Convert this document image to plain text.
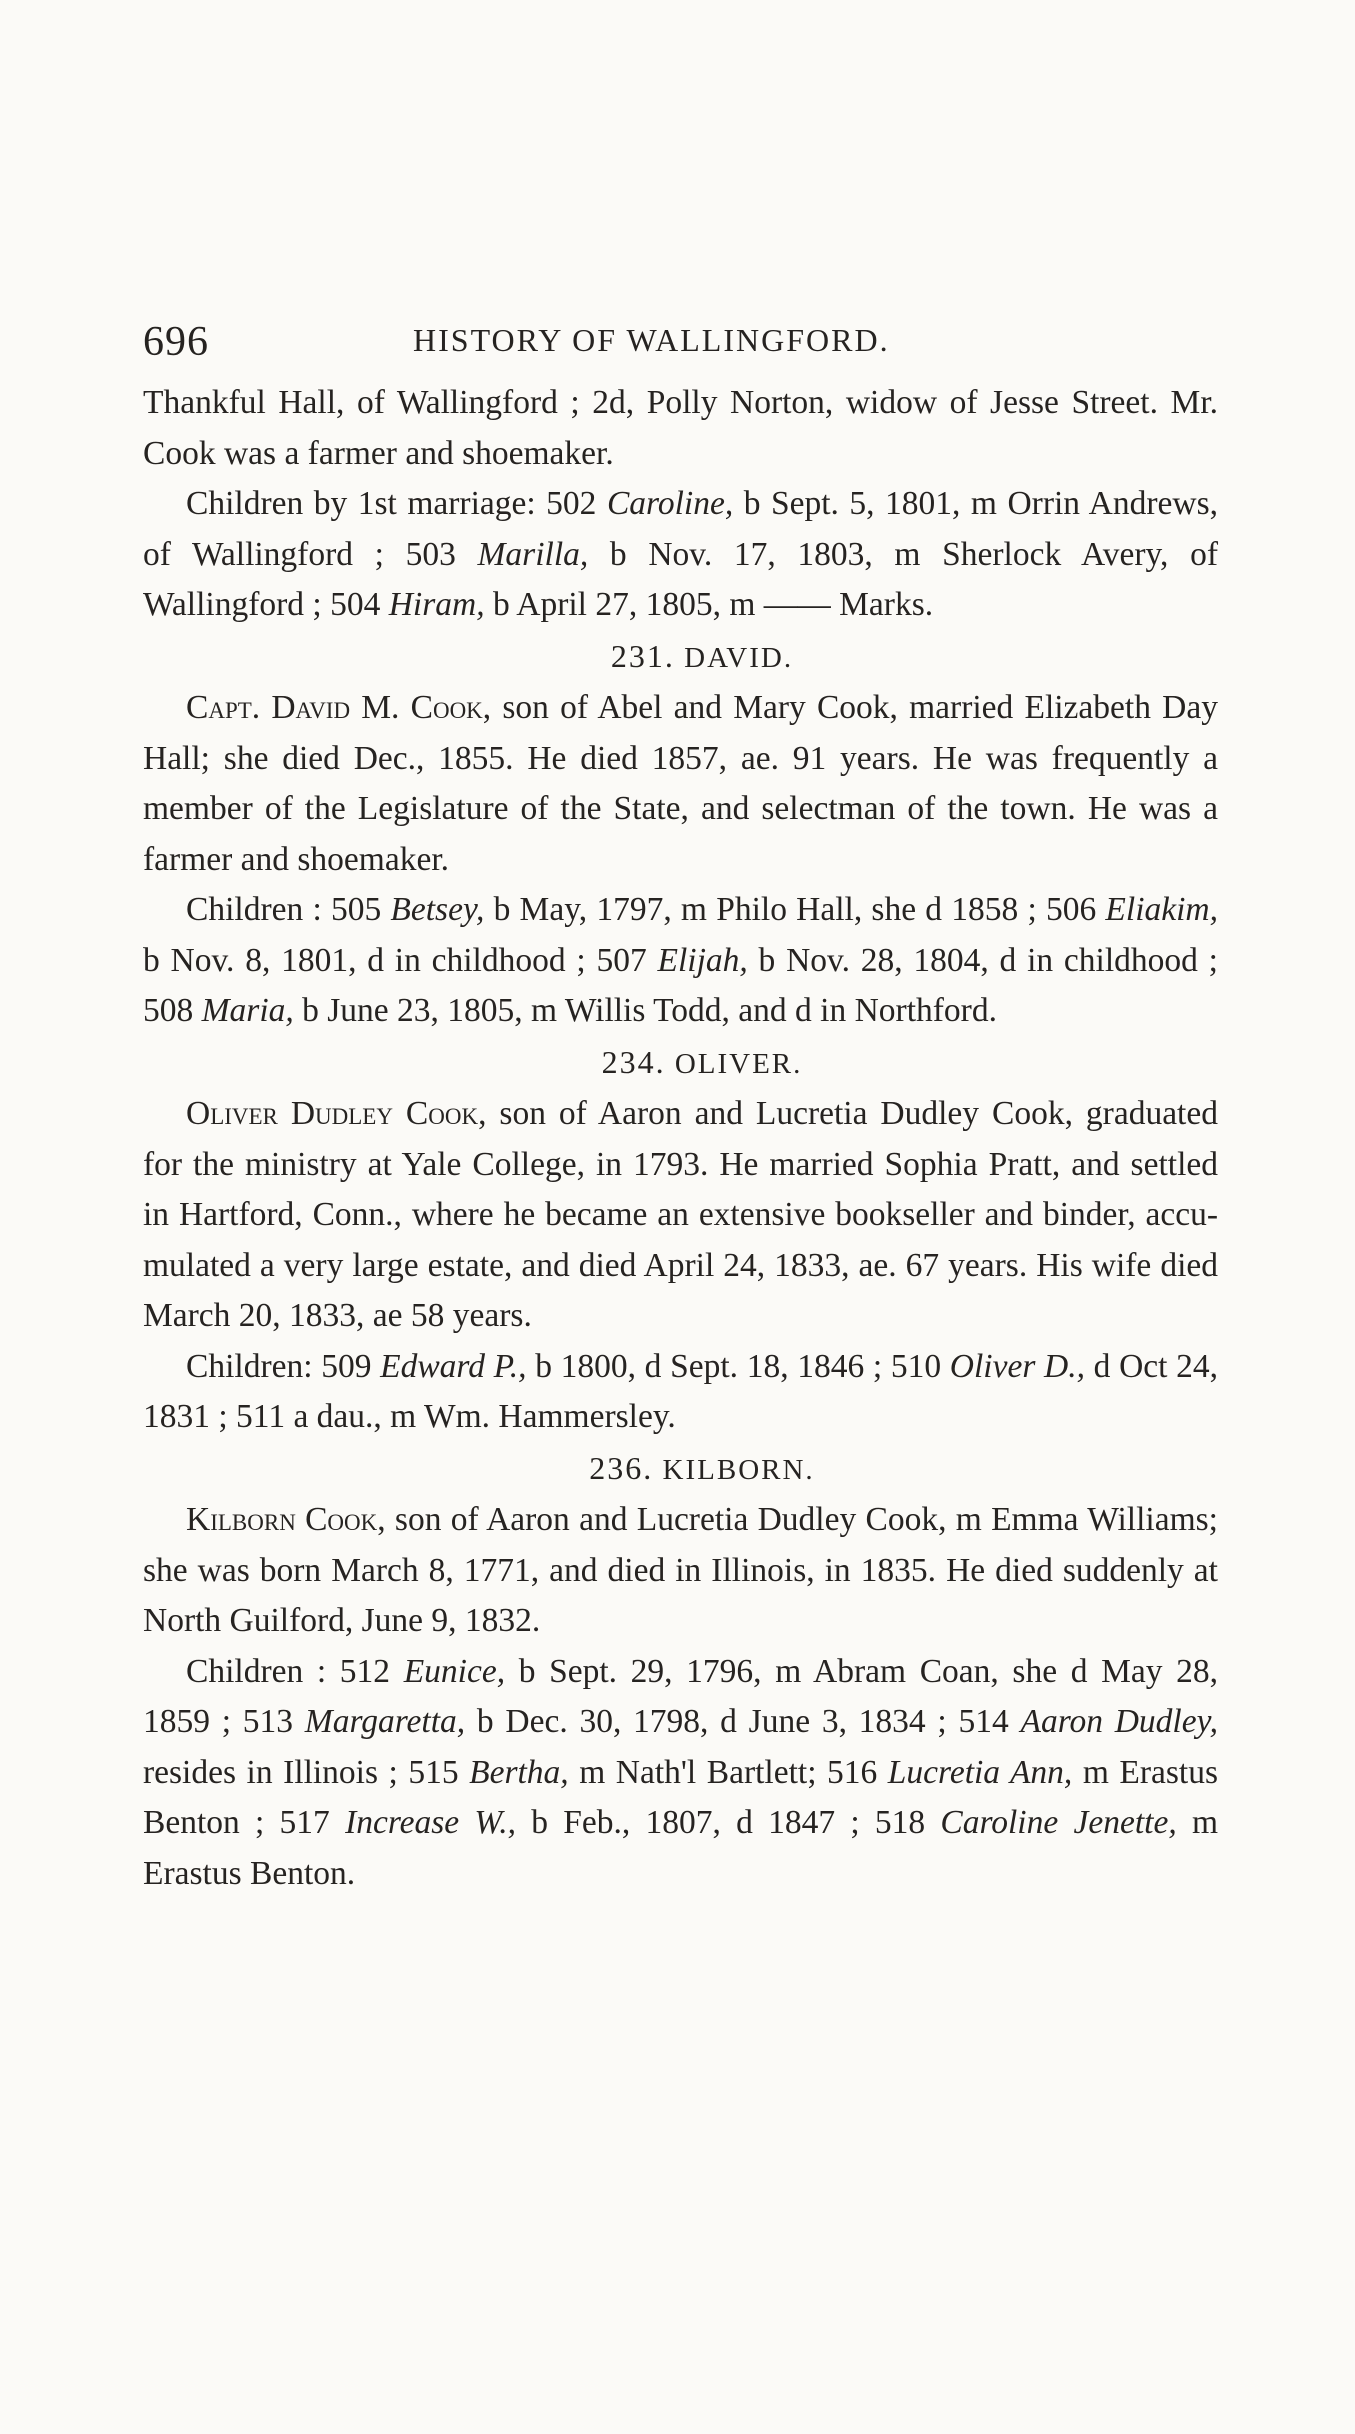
696	HISTORY OF WALLINGFORD.

Thankful Hall, of Wallingford ; 2d, Polly Norton, widow of Jesse Street. Mr. Cook was a farmer and shoemaker.

Children by 1st marriage: 502 Caroline, b Sept. 5, 1801, m Orrin Andrews, of Wallingford ; 503 Marilla, b Nov. 17, 1803, m Sherlock Avery, of Wallingford ; 504 Hiram, b April 27, 1805, m —— Marks.

231. DAVID.

Capt. David M. Cook, son of Abel and Mary Cook, married Elizabeth Day Hall; she died Dec., 1855. He died 1857, ae. 91 years. He was frequently a member of the Legislature of the State, and selectman of the town. He was a farmer and shoemaker.

Children : 505 Betsey, b May, 1797, m Philo Hall, she d 1858 ; 506 Eliakim, b Nov. 8, 1801, d in childhood ; 507 Elijah, b Nov. 28, 1804, d in childhood ; 508 Maria, b June 23, 1805, m Willis Todd, and d in Northford.

234. OLIVER.

Oliver Dudley Cook, son of Aaron and Lucretia Dudley Cook, graduated for the ministry at Yale College, in 1793. He married Sophia Pratt, and settled in Hartford, Conn., where he became an extensive bookseller and binder, accu- mulated a very large estate, and died April 24, 1833, ae. 67 years. His wife died March 20, 1833, ae 58 years.

Children: 509 Edward P., b 1800, d Sept. 18, 1846 ; 510 Oliver D., d Oct 24, 1831 ; 511 a dau., m Wm. Hammersley.

236. KILBORN.

Kilborn Cook, son of Aaron and Lucretia Dudley Cook, m Emma Williams; she was born March 8, 1771, and died in Illinois, in 1835. He died suddenly at North Guilford, June 9, 1832.

Children : 512 Eunice, b Sept. 29, 1796, m Abram Coan, she d May 28, 1859 ; 513 Margaretta, b Dec. 30, 1798, d June 3, 1834 ; 514 Aaron Dudley, resides in Illinois ; 515 Bertha, m Nath'l Bartlett; 516 Lucretia Ann, m Erastus Benton ; 517 Increase W., b Feb., 1807, d 1847 ; 518 Caroline Jenette, m Erastus Benton.
